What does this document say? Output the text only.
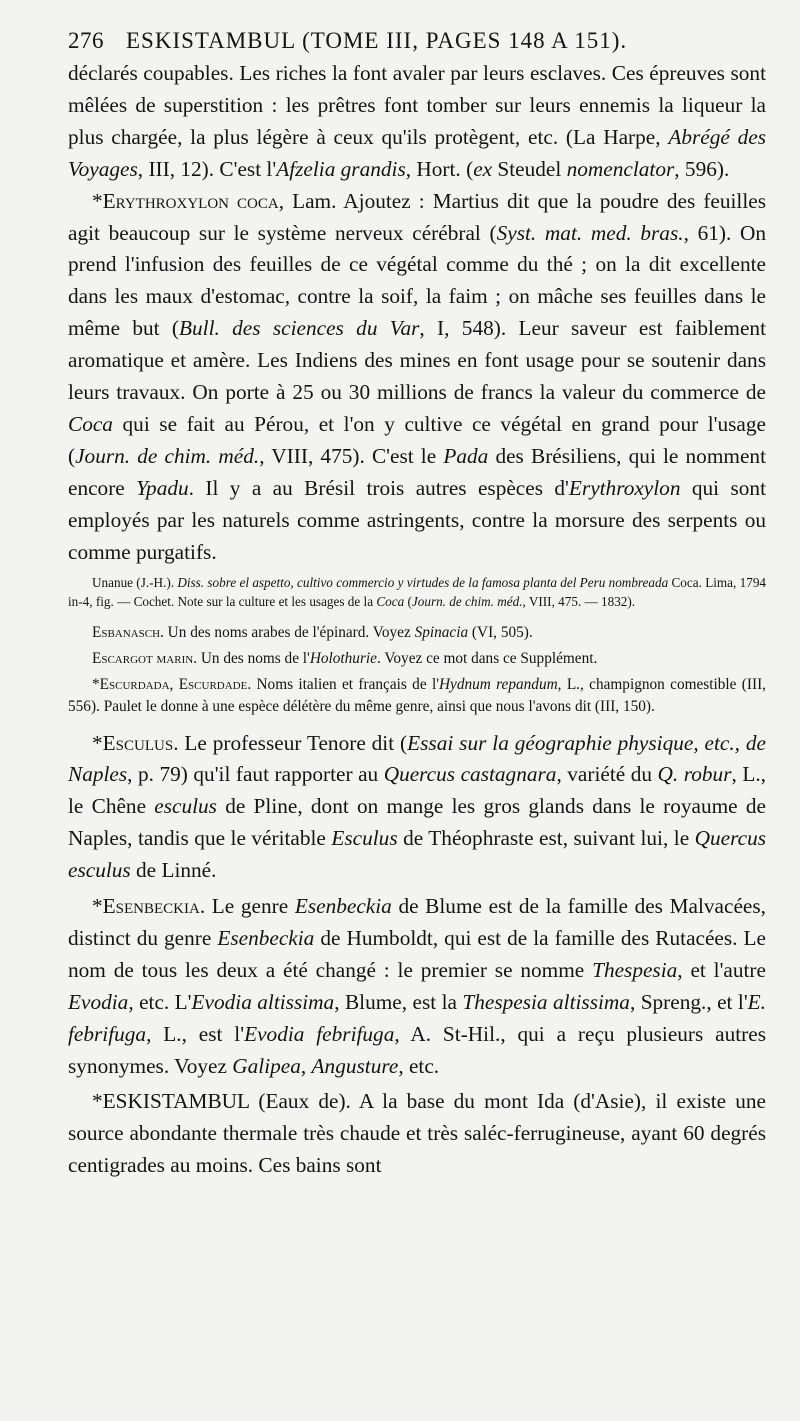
276 ESKISTAMBUL (TOME III, PAGES 148 A 151).

déclarés coupables. Les riches la font avaler par leurs esclaves. Ces épreuves sont mêlées de superstition : les prêtres font tomber sur leurs ennemis la liqueur la plus chargée, la plus légère à ceux qu'ils protègent, etc. (La Harpe, Abrégé des Voyages, III, 12). C'est l'Afzelia grandis, Hort. (ex Steudel nomenclator, 596).

*Erythroxylon coca, Lam. Ajoutez : Martius dit que la poudre des feuilles agit beaucoup sur le système nerveux cérébral (Syst. mat. med. bras., 61). On prend l'infusion des feuilles de ce végétal comme du thé ; on la dit excellente dans les maux d'estomac, contre la soif, la faim ; on mâche ses feuilles dans le même but (Bull. des sciences du Var, I, 548). Leur saveur est faiblement aromatique et amère. Les Indiens des mines en font usage pour se soutenir dans leurs travaux. On porte à 25 ou 30 millions de francs la valeur du commerce de Coca qui se fait au Pérou, et l'on y cultive ce végétal en grand pour l'usage (Journ. de chim. méd., VIII, 475). C'est le Pada des Brésiliens, qui le nomment encore Ypadu. Il y a au Brésil trois autres espèces d'Erythroxylon qui sont employés par les naturels comme astringents, contre la morsure des serpents ou comme purgatifs.

Unanue (J.-H.). Diss. sobre el aspetto, cultivo commercio y virtudes de la famosa planta del Peru nombreada Coca. Lima, 1794 in-4, fig. — Cochet. Note sur la culture et les usages de la Coca (Journ. de chim. méd., VIII, 475. — 1832).

Esbanasch. Un des noms arabes de l'épinard. Voyez Spinacia (VI, 505).

Escargot marin. Un des noms de l'Holothurie. Voyez ce mot dans ce Supplément.

*Escurdada, Escurdade. Noms italien et français de l'Hydnum repandum, L., champignon comestible (III, 556). Paulet le donne à une espèce délétère du même genre, ainsi que nous l'avons dit (III, 150).

*Esculus. Le professeur Tenore dit (Essai sur la géographie physique, etc., de Naples, p. 79) qu'il faut rapporter au Quercus castagnara, variété du Q. robur, L., le Chêne esculus de Pline, dont on mange les gros glands dans le royaume de Naples, tandis que le véritable Esculus de Théophraste est, suivant lui, le Quercus esculus de Linné.

*Esenbeckia. Le genre Esenbeckia de Blume est de la famille des Malvacées, distinct du genre Esenbeckia de Humboldt, qui est de la famille des Rutacées. Le nom de tous les deux a été changé : le premier se nomme Thespesia, et l'autre Evodia, etc. L'Evodia altissima, Blume, est la Thespesia altissima, Spreng., et l'E. febrifuga, L., est l'Evodia febrifuga, A. St-Hil., qui a reçu plusieurs autres synonymes. Voyez Galipea, Angusture, etc.

*ESKISTAMBUL (Eaux de). A la base du mont Ida (d'Asie), il existe une source abondante thermale très chaude et très saléc-ferrugineuse, ayant 60 degrés centigrades au moins. Ces bains sont
